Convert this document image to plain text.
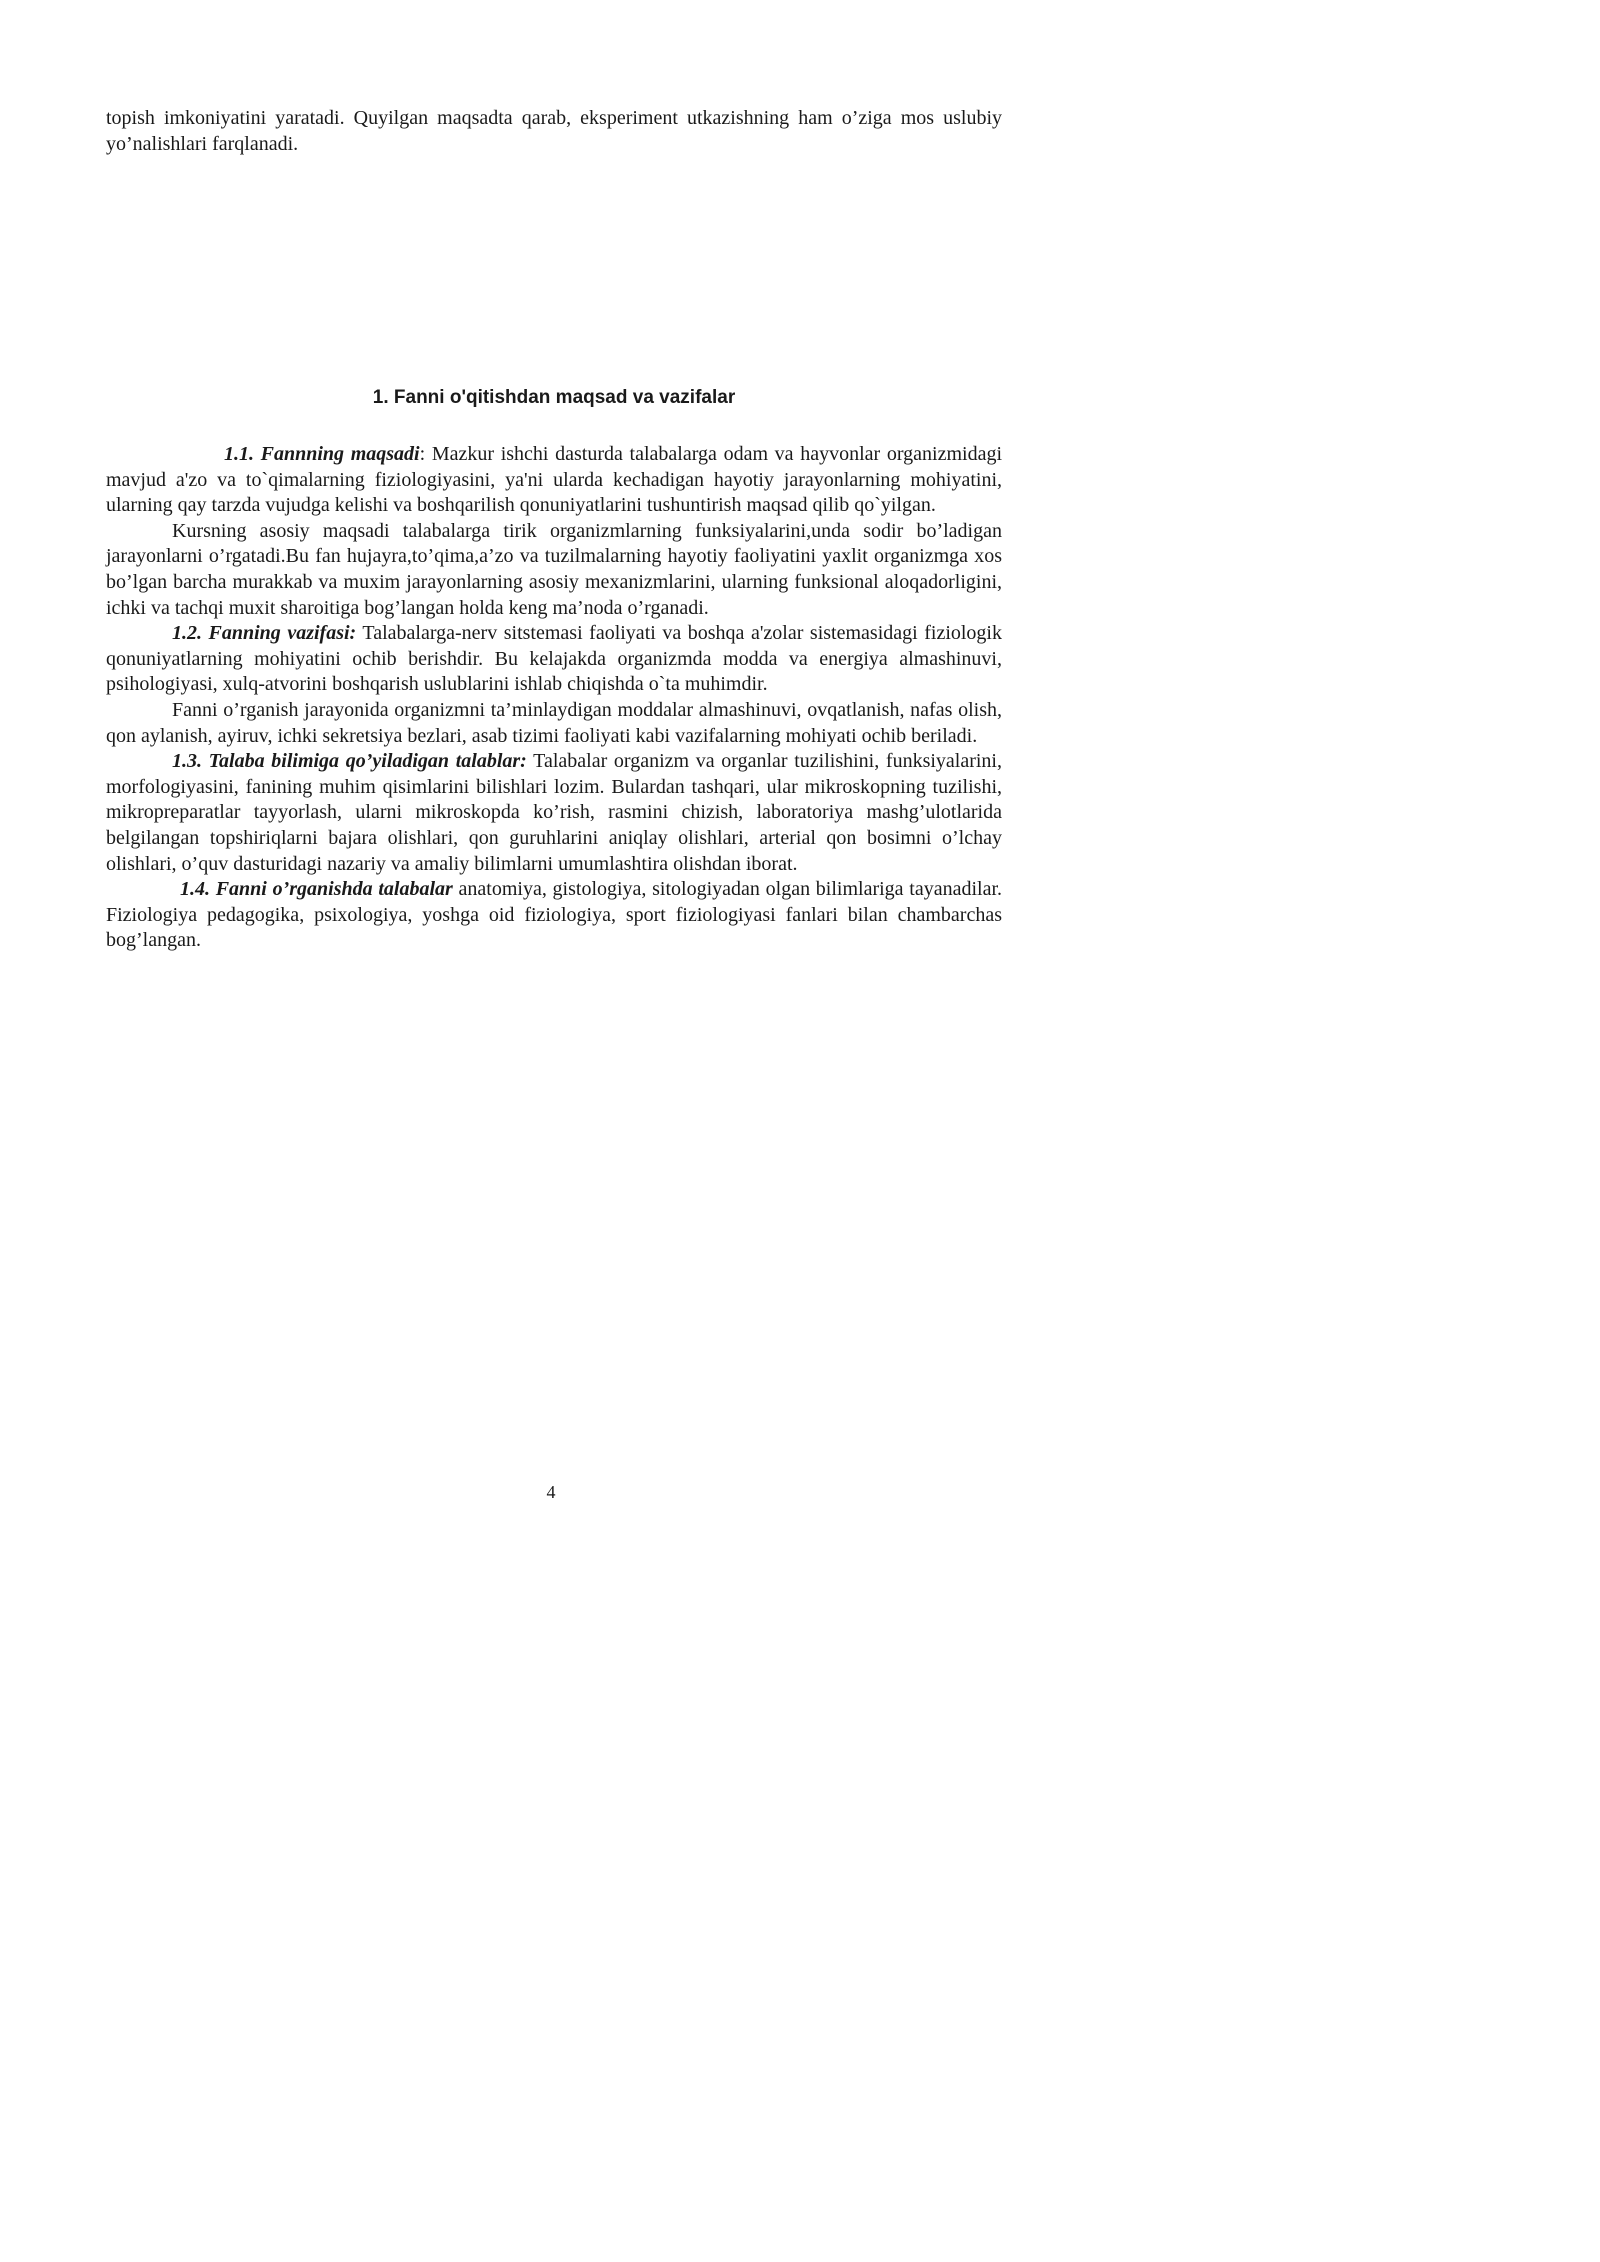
topish imkoniyatini yaratadi. Quyilgan maqsadta qarab, eksperiment utkazishning ham o’ziga mos uslubiy yo’nalishlari farqlanadi.
1. Fanni o'qitishdan maqsad va vazifalar

1.1. Fannning maqsadi: Mazkur ishchi dasturda talabalarga odam va hayvonlar organizmidagi mavjud a'zo va to`qimalarning fiziologiyasini, ya'ni ularda kechadigan hayotiy jarayonlarning mohiyatini, ularning qay tarzda vujudga kelishi va boshqarilish qonuniyatlarini tushuntirish maqsad qilib qo`yilgan.

Kursning asosiy maqsadi talabalarga tirik organizmlarning funksiyalarini,unda sodir bo’ladigan jarayonlarni o’rgatadi.Bu fan hujayra,to’qima,a’zo va tuzilmalarning hayotiy faoliyatini yaxlit organizmga xos bo’lgan barcha murakkab va muxim jarayonlarning asosiy mexanizmlarini, ularning funksional aloqadorligini, ichki va tachqi muxit sharoitiga bog’langan holda keng ma’noda o’rganadi.

1.2. Fanning vazifasi: Talabalarga-nerv sitstemasi faoliyati va boshqa a'zolar sistemasidagi fiziologik qonuniyatlarning mohiyatini ochib berishdir. Bu kelajakda organizmda modda va energiya almashinuvi, psihologiyasi, xulq-atvorini boshqarish uslublarini ishlab chiqishda o`ta muhimdir.

Fanni o’rganish jarayonida organizmni ta’minlaydigan moddalar almashinuvi, ovqatlanish, nafas olish, qon aylanish, ayiruv, ichki sekretsiya bezlari, asab tizimi faoliyati kabi vazifalarning mohiyati ochib beriladi.

1.3. Talaba bilimiga qo’yiladigan talablar: Talabalar organizm va organlar tuzilishini, funksiyalarini, morfologiyasini, fanining muhim qisimlarini bilishlari lozim. Bulardan tashqari, ular mikroskopning tuzilishi, mikropreparatlar tayyorlash, ularni mikroskopda ko’rish, rasmini chizish, laboratoriya mashg’ulotlarida belgilangan topshiriqlarni bajara olishlari, qon guruhlarini aniqlay olishlari, arterial qon bosimni o’lchay olishlari, o’quv dasturidagi nazariy va amaliy bilimlarni umumlashtira olishdan iborat.

1.4. Fanni o’rganishda talabalar anatomiya, gistologiya, sitologiyadan olgan bilimlariga tayanadilar. Fiziologiya pedagogika, psixologiya, yoshga oid fiziologiya, sport fiziologiyasi fanlari bilan chambarchas bog’langan.

4
